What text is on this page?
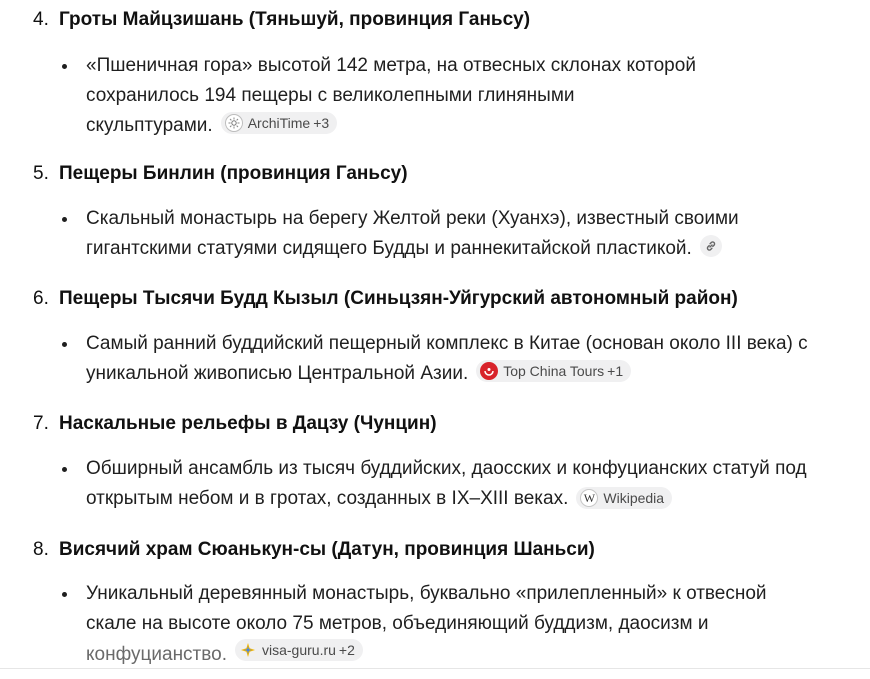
4. Гроты Майцзишань (Тяньшуй, провинция Ганьсу)
«Пшеничная гора» высотой 142 метра, на отвесных склонах которой
сохранилось 194 пещеры с великолепными глиняными
скульптурами.	ArchiTime +3
5. Пещеры Бинлин (провинция Ганьсу)
Скальный монастырь на берегу Желтой реки (Хуанхэ), известный своими
гигантскими статуями сидящего Будды и раннекитайской пластикой.
6. Пещеры Тысячи Будд Кызыл (Синьцзян-Уйгурский автономный район)
Самый ранний буддийский пещерный комплекс в Китае (основан около III века) с
уникальной живописью Центральной Азии.	Top China Tours +1
7. Наскальные рельефы в Дацзу (Чунцин)
Обширный ансамбль из тысяч буддийских, даосских и конфуцианских статуй под
открытым небом и в гротах, созданных в IX–XIII веках. W Wikipedia
8. Висячий храм Сюанькун-сы (Датун, провинция Шаньси)
Уникальный деревянный монастырь, буквально «прилепленный» к отвесной
скале на высоте около 75 метров, объединяющий буддизм, даосизм и
конфуцианство.	visa-guru.ru +2
